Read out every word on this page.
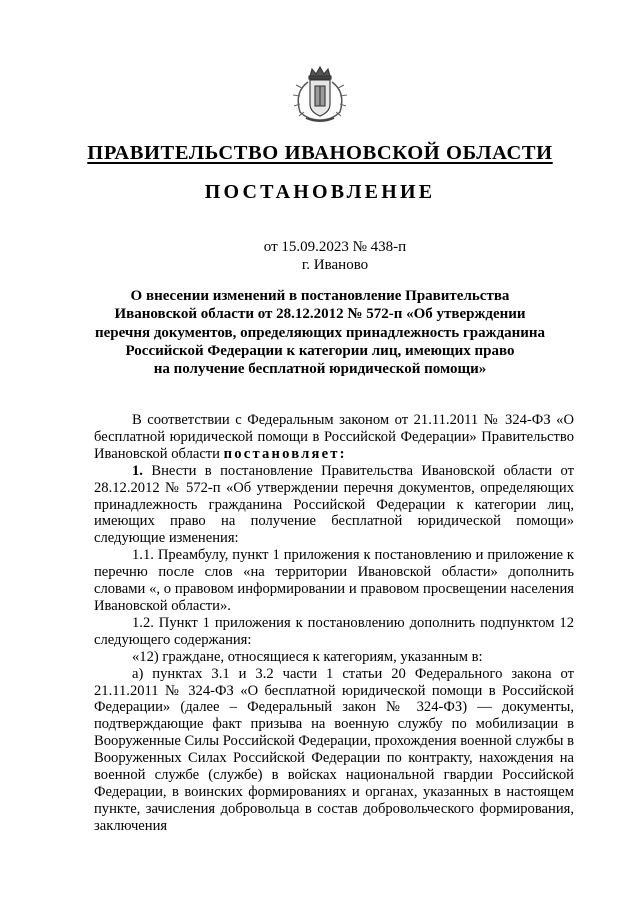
ПРАВИТЕЛЬСТВО ИВАНОВСКОЙ ОБЛАСТИ
ПОСТАНОВЛЕНИЕ
от 15.09.2023 № 438-п
г. Иваново
О внесении изменений в постановление Правительства
Ивановской области от 28.12.2012 № 572-п «Об утверждении
перечня документов, определяющих принадлежность гражданина
Российской Федерации к категории лиц, имеющих право
на получение бесплатной юридической помощи»

В соответствии с Федеральным законом от 21.11.2011 № 324-ФЗ «О бесплатной юридической помощи в Российской Федерации» Правительство Ивановской области постановляет:

1. Внести в постановление Правительства Ивановской области от 28.12.2012 № 572-п «Об утверждении перечня документов, определяющих принадлежность гражданина Российской Федерации к категории лиц, имеющих право на получение бесплатной юридической помощи» следующие изменения:

1.1. Преамбулу, пункт 1 приложения к постановлению и приложение к перечню после слов «на территории Ивановской области» дополнить словами «, о правовом информировании и правовом просвещении населения Ивановской области».

1.2. Пункт 1 приложения к постановлению дополнить подпунктом 12 следующего содержания:

«12) граждане, относящиеся к категориям, указанным в:

а) пунктах 3.1 и 3.2 части 1 статьи 20 Федерального закона от 21.11.2011 № 324-ФЗ «О бесплатной юридической помощи в Российской Федерации» (далее – Федеральный закон № 324-ФЗ) — документы, подтверждающие факт призыва на военную службу по мобилизации в Вооруженные Силы Российской Федерации, прохождения военной службы в Вооруженных Силах Российской Федерации по контракту, нахождения на военной службе (службе) в войсках национальной гвардии Российской Федерации, в воинских формированиях и органах, указанных в настоящем пункте, зачисления добровольца в состав добровольческого формирования, заключения
